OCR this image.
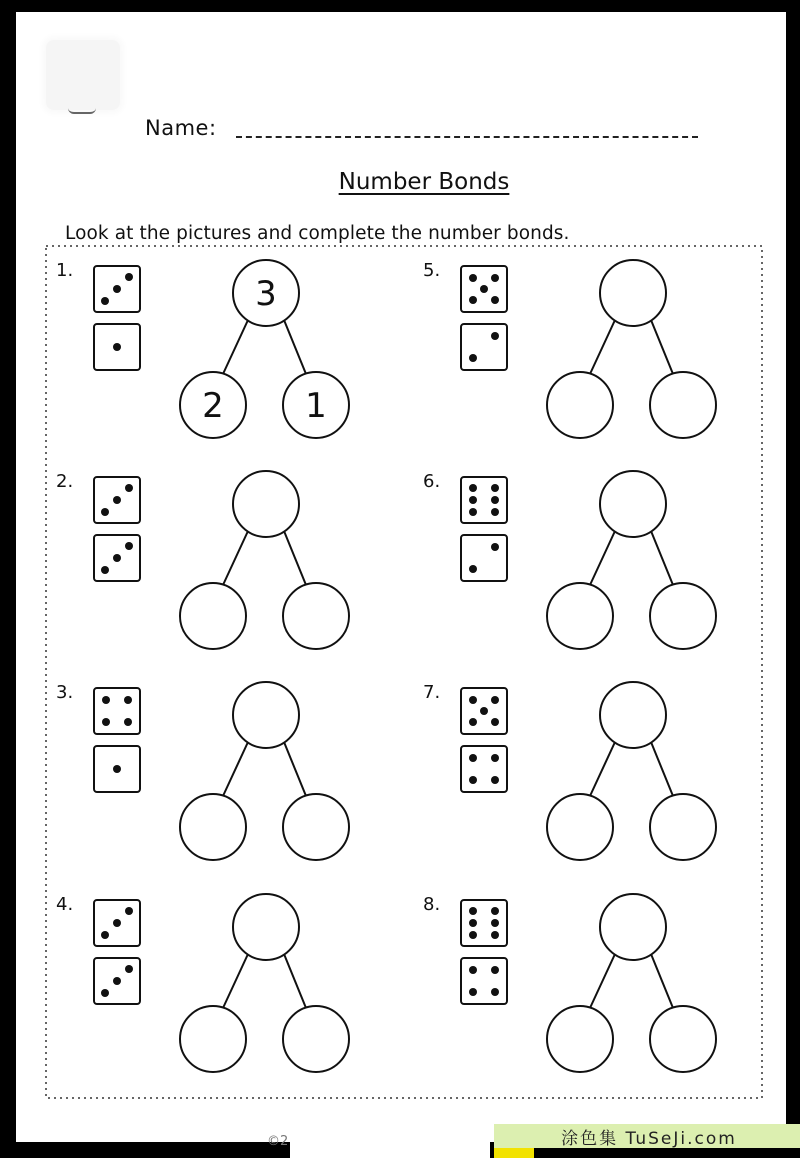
Name:
Number Bonds
Look at the pictures and complete the number bonds.
©2	涂色集 TuSeJi.com
1.
3
2 1
2.
3.
4.
5.
6.
7.
8.
